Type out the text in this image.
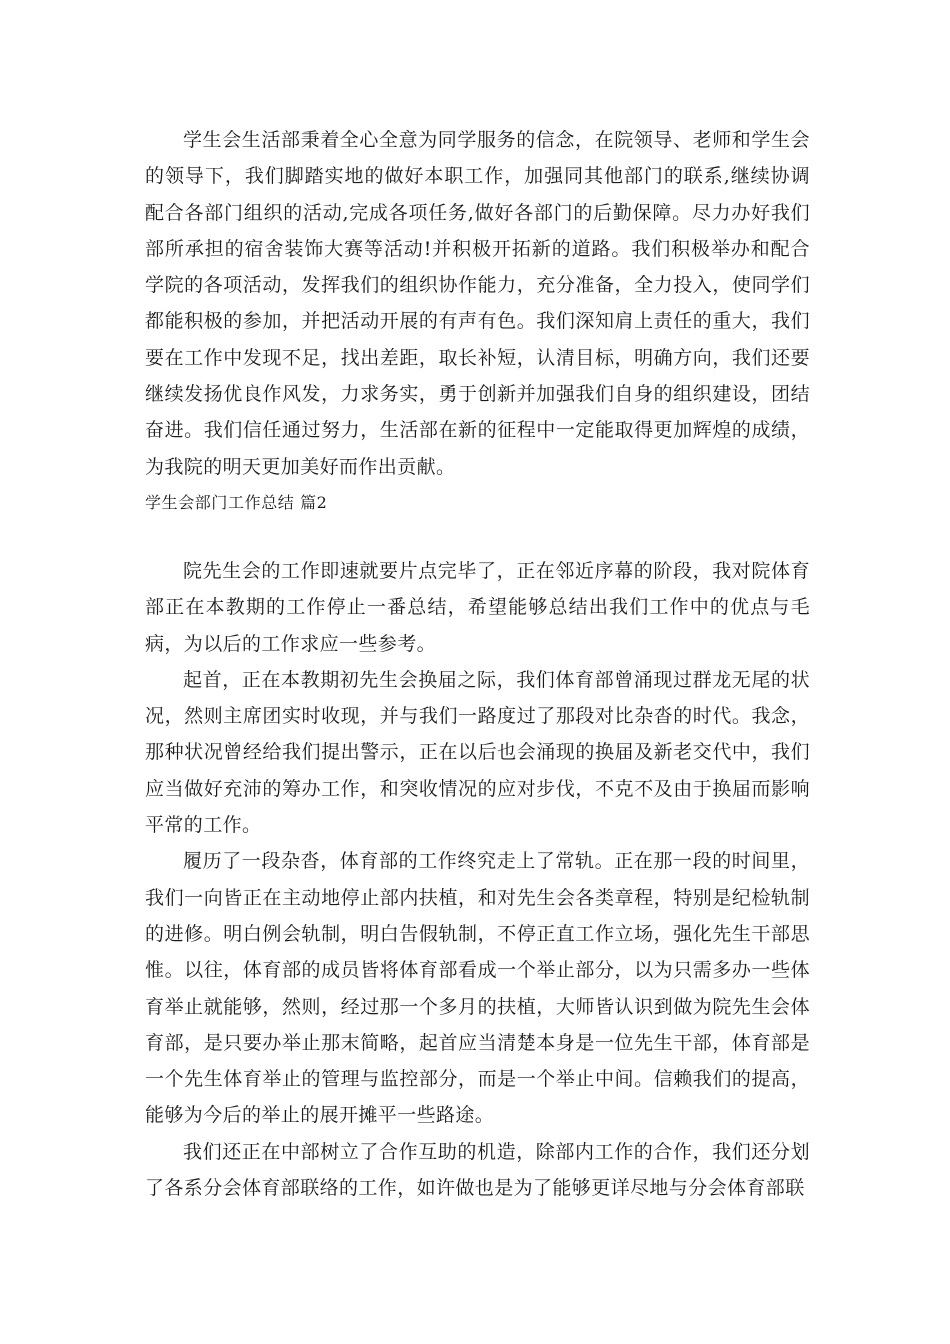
学生会生活部秉着全心全意为同学服务的信念，在院领导、老师和学生会的领导下，我们脚踏实地的做好本职工作，加强同其他部门的联系,继续协调配合各部门组织的活动,完成各项任务,做好各部门的后勤保障。尽力办好我们部所承担的宿舍装饰大赛等活动!并积极开拓新的道路。我们积极举办和配合学院的各项活动，发挥我们的组织协作能力，充分准备，全力投入，使同学们都能积极的参加，并把活动开展的有声有色。我们深知肩上责任的重大，我们要在工作中发现不足，找出差距，取长补短，认清目标，明确方向，我们还要继续发扬优良作风发，力求务实，勇于创新并加强我们自身的组织建设，团结奋进。我们信任通过努力，生活部在新的征程中一定能取得更加辉煌的成绩，为我院的明天更加美好而作出贡献。

学生会部门工作总结 篇2

院先生会的工作即速就要片点完毕了，正在邻近序幕的阶段，我对院体育部正在本教期的工作停止一番总结，希望能够总结出我们工作中的优点与毛病，为以后的工作求应一些参考。

起首，正在本教期初先生会换届之际，我们体育部曾涌现过群龙无尾的状况，然则主席团实时收现，并与我们一路度过了那段对比杂沓的时代。我念，那种状况曾经给我们提出警示，正在以后也会涌现的换届及新老交代中，我们应当做好充沛的筹办工作，和突收情况的应对步伐，不克不及由于换届而影响平常的工作。

履历了一段杂沓，体育部的工作终究走上了常轨。正在那一段的时间里，我们一向皆正在主动地停止部内扶植，和对先生会各类章程，特别是纪检轨制的进修。明白例会轨制，明白告假轨制，不停正直工作立场，强化先生干部思惟。以往，体育部的成员皆将体育部看成一个举止部分，以为只需多办一些体育举止就能够，然则，经过那一个多月的扶植，大师皆认识到做为院先生会体育部，是只要办举止那末简略，起首应当清楚本身是一位先生干部，体育部是一个先生体育举止的管理与监控部分，而是一个举止中间。信赖我们的提高，能够为今后的举止的展开摊平一些路途。

我们还正在中部树立了合作互助的机造，除部内工作的合作，我们还分划了各系分会体育部联络的工作，如许做也是为了能够更详尽地与分会体育部联
